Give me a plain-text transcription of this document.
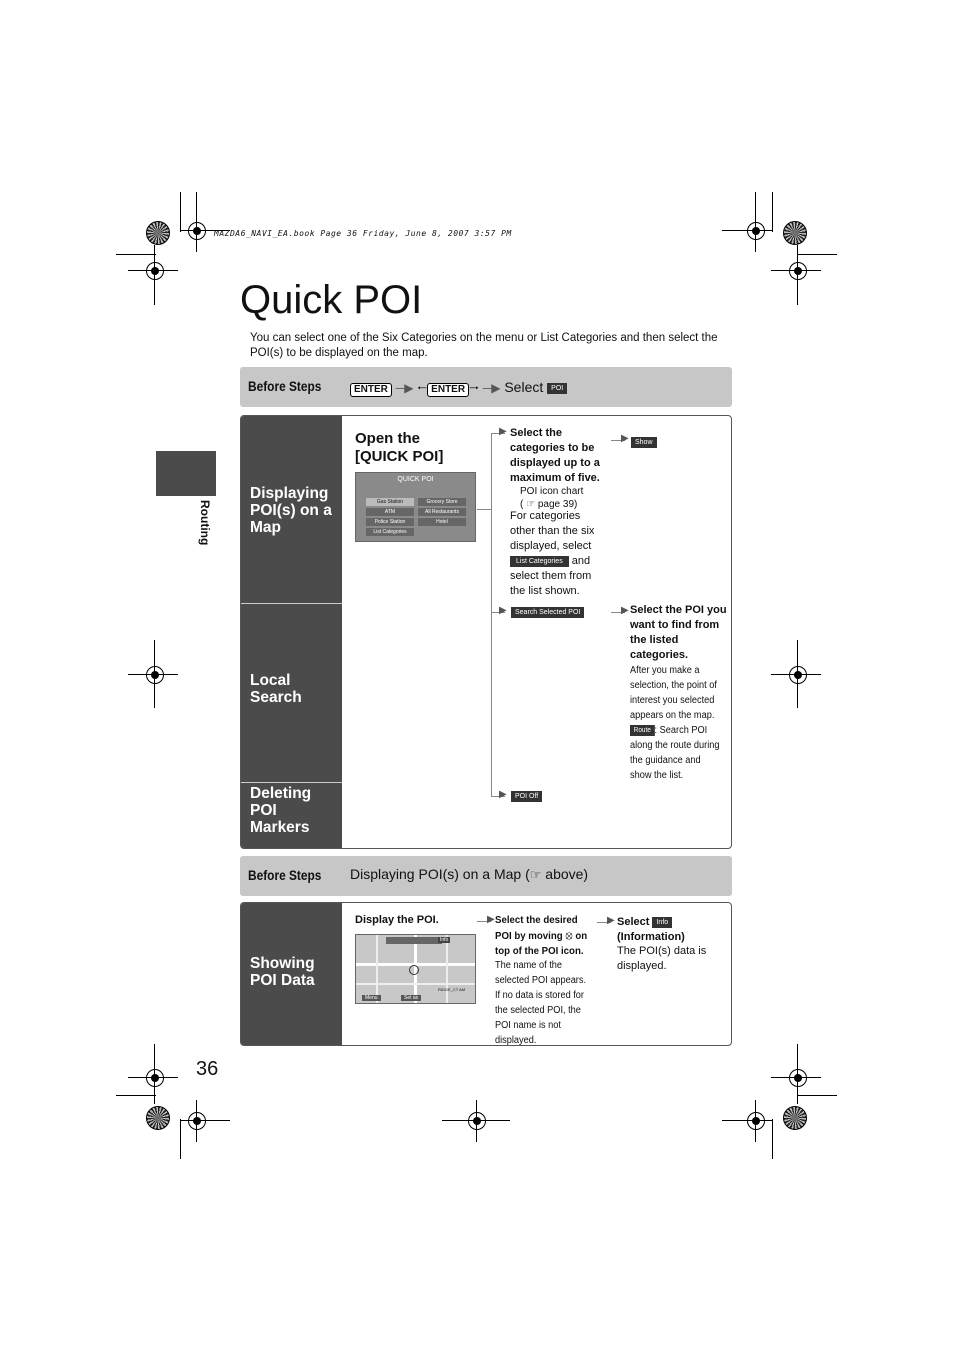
MAZDA6_NAVI_EA.book Page 36 Friday, June 8, 2007 3:57 PM
Quick POI
You can select one of the Six Categories on the menu or List Categories and then select the POI(s) to be displayed on the map.
Routing
Before Steps	ENTER ─▶ 🠀 ENTER 🠂 ─▶ Select POI
Displaying POI(s) on a Map
Local Search
Deleting POI Markers
Open the [QUICK POI]
QUICK POI
Gas Station	Grocery Store
ATM	All Restaurants
Police Station	Hotel
List Categories
▶
▶
▶
Select the categories to be displayed up to a maximum of five.
POI icon chart
( ☞ page 39)
For categories other than the six displayed, select List Categories and select them from the list shown.
▶ Show
Search Selected POI	▶ Select the POI you want to find from the listed categories.
After you make a selection, the point of interest you selected appears on the map.
Route : Search POI along the route during the guidance and show the list.
POI Off
Before Steps Displaying POI(s) on a Map (☞ above)
Showing POI Data
Display the POI.
Info
Menu	Set as
RIDGE_CT AM
▶ Select the desired POI by moving ⦻ on top of the POI icon.
The name of the selected POI appears.
If no data is stored for the selected POI, the POI name is not displayed.
▶ Select Info
(Information)
The POI(s) data is displayed.
36
